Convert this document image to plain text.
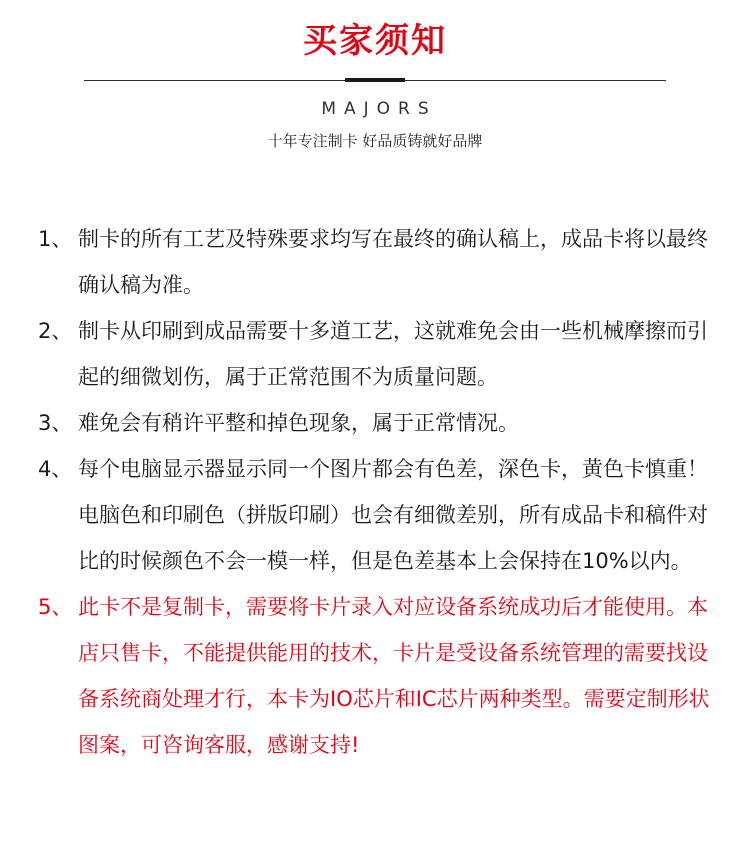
买家须知
MAJORS
十年专注制卡 好品质铸就好品牌
1、 制卡的所有工艺及特殊要求均写在最终的确认稿上，成品卡将以最终确认稿为准。
2、 制卡从印刷到成品需要十多道工艺，这就难免会由一些机械摩擦而引起的细微划伤，属于正常范围不为质量问题。
3、 难免会有稍许平整和掉色现象，属于正常情况。
4、 每个电脑显示器显示同一个图片都会有色差，深色卡，黄色卡慎重！电脑色和印刷色（拼版印刷）也会有细微差别，所有成品卡和稿件对比的时候颜色不会一模一样，但是色差基本上会保持在10%以内。
5、 此卡不是复制卡，需要将卡片录入对应设备系统成功后才能使用。本店只售卡，不能提供能用的技术，卡片是受设备系统管理的需要找设备系统商处理才行，本卡为IO芯片和IC芯片两种类型。需要定制形状图案，可咨询客服，感谢支持!
